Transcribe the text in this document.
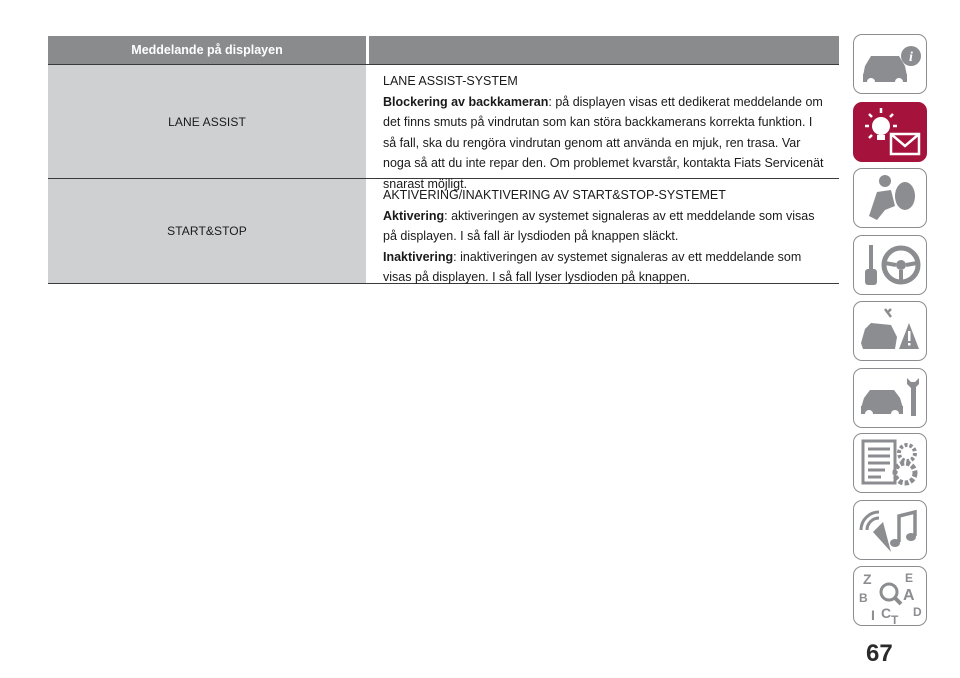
Meddelande på displayen
LANE ASSIST
LANE ASSIST-SYSTEM
Blockering av backkameran: på displayen visas ett dedikerat meddelande om det finns smuts på vindrutan som kan störa backkamerans korrekta funktion. I så fall, ska du rengöra vindrutan genom att använda en mjuk, ren trasa. Var noga så att du inte repar den. Om problemet kvarstår, kontakta Fiats Servicenät snarast möjligt.
START&STOP
AKTIVERING/INAKTIVERING AV START&STOP-SYSTEMET
Aktivering: aktiveringen av systemet signaleras av ett meddelande som visas på displayen. I så fall är lysdioden på knappen släckt.
Inaktivering: inaktiveringen av systemet signaleras av ett meddelande som visas på displayen. I så fall lyser lysdioden på knappen.
i
Z	E
B A
C D
I T
67
